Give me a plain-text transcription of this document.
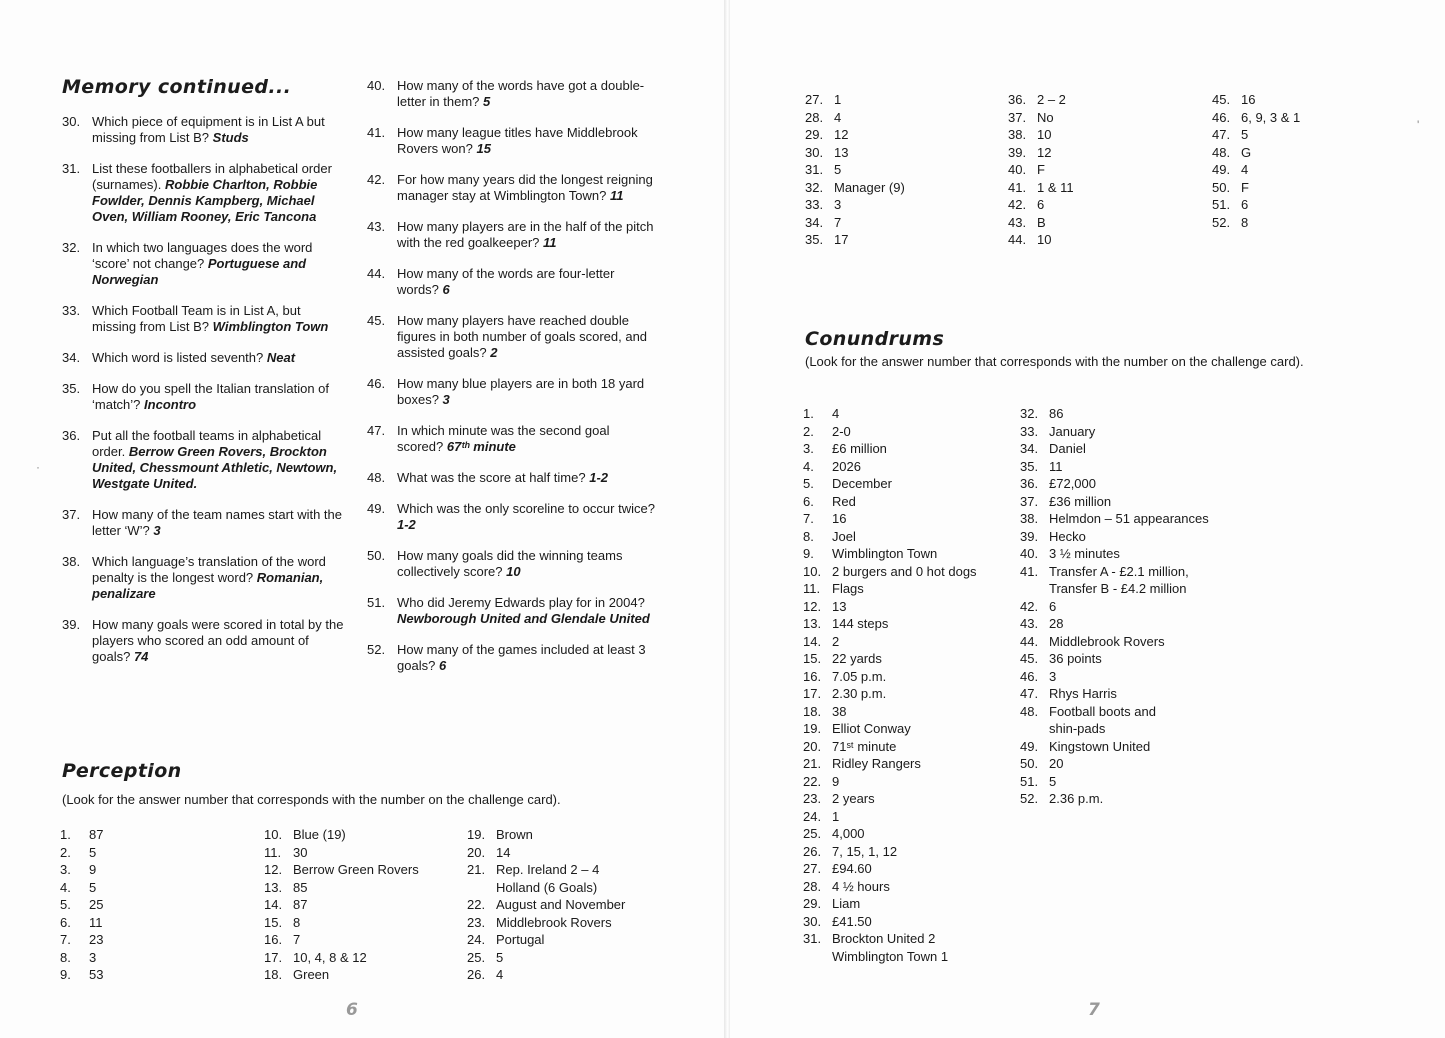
Memory continued...
30. Which piece of equipment is in List A but missing from List B? Studs
31. List these footballers in alphabetical order (surnames). Robbie Charlton, Robbie Fowlder, Dennis Kampberg, Michael Oven, William Rooney, Eric Tancona
32. In which two languages does the word ‘score’ not change? Portuguese and Norwegian
33. Which Football Team is in List A, but missing from List B? Wimblington Town
34. Which word is listed seventh? Neat
35. How do you spell the Italian translation of ‘match’? Incontro
36. Put all the football teams in alphabetical order. Berrow Green Rovers, Brockton United, Chessmount Athletic, Newtown, Westgate United.
37. How many of the team names start with the letter ‘W’? 3
38. Which language’s translation of the word penalty is the longest word? Romanian, penalizare
39. How many goals were scored in total by the players who scored an odd amount of goals? 74
40. How many of the words have got a double-letter in them? 5
41. How many league titles have Middlebrook Rovers won? 15
42. For how many years did the longest reigning manager stay at Wimblington Town? 11
43. How many players are in the half of the pitch with the red goalkeeper? 11
44. How many of the words are four-letter words? 6
45. How many players have reached double figures in both number of goals scored, and assisted goals? 2
46. How many blue players are in both 18 yard boxes? 3
47. In which minute was the second goal scored? 67ᵗʰ minute
48. What was the score at half time? 1-2
49. Which was the only scoreline to occur twice? 1-2
50. How many goals did the winning teams collectively score? 10
51. Who did Jeremy Edwards play for in 2004? Newborough United and Glendale United
52. How many of the games included at least 3 goals? 6
Perception
(Look for the answer number that corresponds with the number on the challenge card).
1.	87
2.	5
3.	9
4.	5
5.	25
6.	11
7.	23
8.	3
9.	53
10. Blue (19)
11. 30
12. Berrow Green Rovers
13. 85
14. 87
15. 8
16. 7
17. 10, 4, 8 & 12
18. Green
19. Brown
20. 14
21. Rep. Ireland 2 – 4
Holland (6 Goals)
22. August and November
23. Middlebrook Rovers
24. Portugal
25. 5
26. 4
6
·
27. 1
28. 4
29. 12
30. 13
31. 5
32. Manager (9)
33. 3
34. 7
35. 17
36. 2 – 2
37. No
38. 10
39. 12
40. F
41. 1 & 11
42. 6
43. B
44. 10
45. 16
46. 6, 9, 3 & 1
47. 5
48. G
49. 4
50. F
51. 6
52. 8
Conundrums
(Look for the answer number that corresponds with the number on the challenge card).
1.	4
2.	2-0
3.	£6 million
4.	2026
5.	December
6.	Red
7.	16
8.	Joel
9.	Wimblington Town
10. 2 burgers and 0 hot dogs
11. Flags
12. 13
13. 144 steps
14. 2
15. 22 yards
16. 7.05 p.m.
17. 2.30 p.m.
18. 38
19. Elliot Conway
20. 71ˢᵗ minute
21. Ridley Rangers
22. 9
23. 2 years
24. 1
25. 4,000
26. 7, 15, 1, 12
27. £94.60
28. 4 ½ hours
29. Liam
30. £41.50
31. Brockton United 2
Wimblington Town 1
32. 86
33. January
34. Daniel
35. 11
36. £72,000
37. £36 million
38. Helmdon – 51 appearances
39. Hecko
40. 3 ½ minutes
41. Transfer A - £2.1 million,
Transfer B - £4.2 million
42. 6
43. 28
44. Middlebrook Rovers
45. 36 points
46. 3
47. Rhys Harris
48. Football boots and
shin-pads
49. Kingstown United
50. 20
51. 5
52. 2.36 p.m.
7
'
